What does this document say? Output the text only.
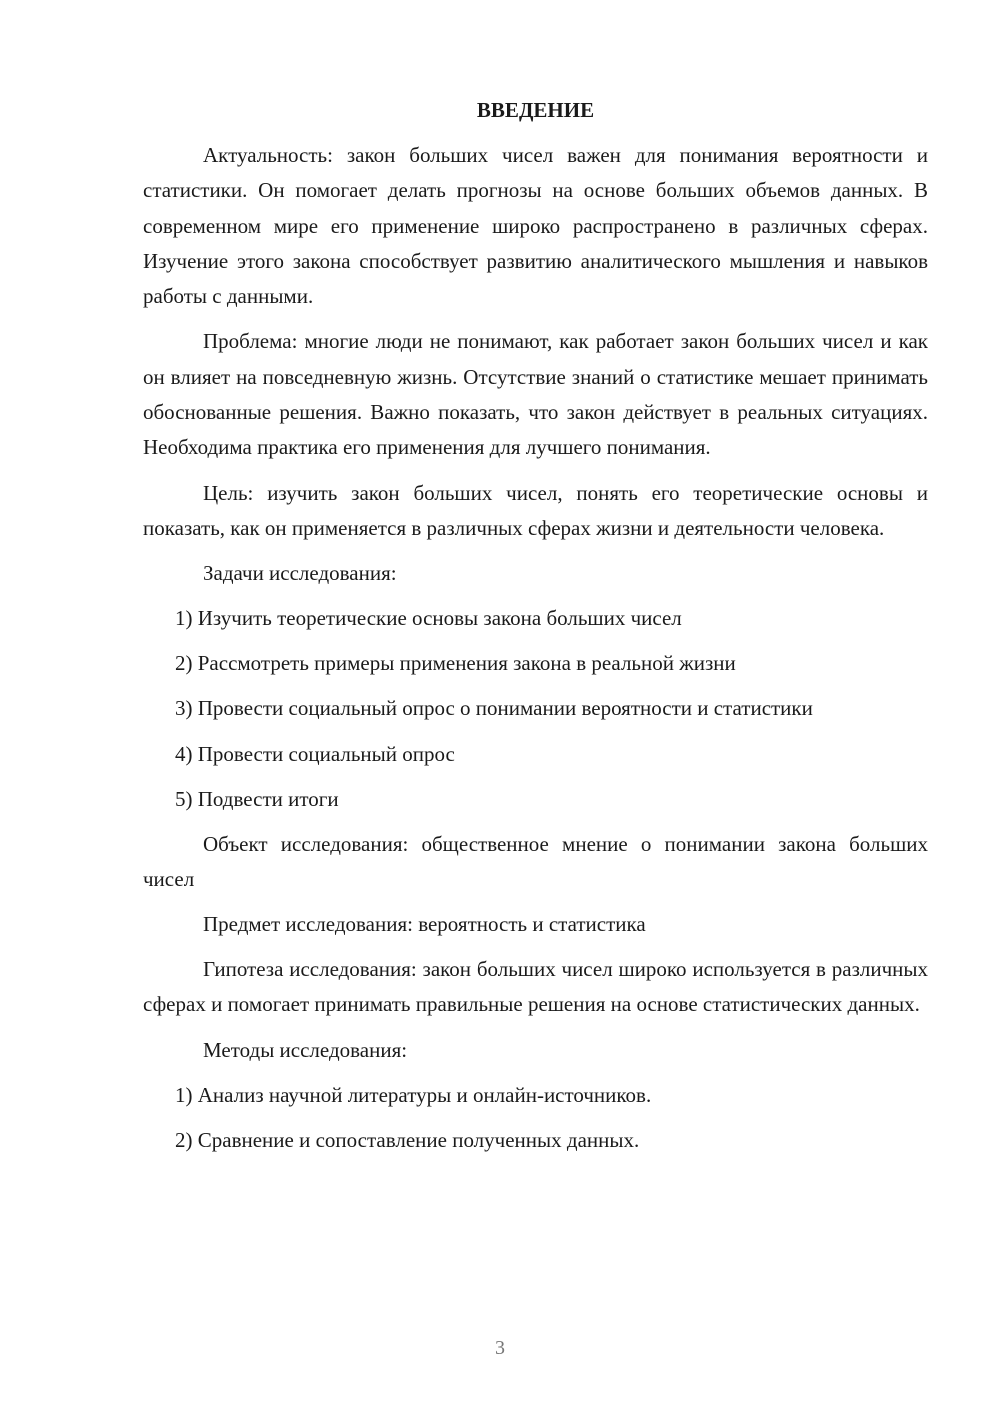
ВВЕДЕНИЕ

Актуальность: закон больших чисел важен для понимания вероятности и статистики. Он помогает делать прогнозы на основе больших объемов данных. В современном мире его применение широко распространено в различных сферах. Изучение этого закона способствует развитию аналитического мышления и навыков работы с данными.

Проблема: многие люди не понимают, как работает закон больших чисел и как он влияет на повседневную жизнь. Отсутствие знаний о статистике мешает принимать обоснованные решения. Важно показать, что закон действует в реальных ситуациях. Необходима практика его применения для лучшего понимания.

Цель: изучить закон больших чисел, понять его теоретические основы и показать, как он применяется в различных сферах жизни и деятельности человека.

Задачи исследования:

1) Изучить теоретические основы закона больших чисел

2) Рассмотреть примеры применения закона в реальной жизни

3) Провести социальный опрос о понимании вероятности и статистики

4) Провести социальный опрос

5) Подвести итоги

Объект исследования: общественное мнение о понимании закона больших чисел

Предмет исследования: вероятность и статистика

Гипотеза исследования: закон больших чисел широко используется в различных сферах и помогает принимать правильные решения на основе статистических данных.

Методы исследования:

1) Анализ научной литературы и онлайн-источников.

2) Сравнение и сопоставление полученных данных.

3
